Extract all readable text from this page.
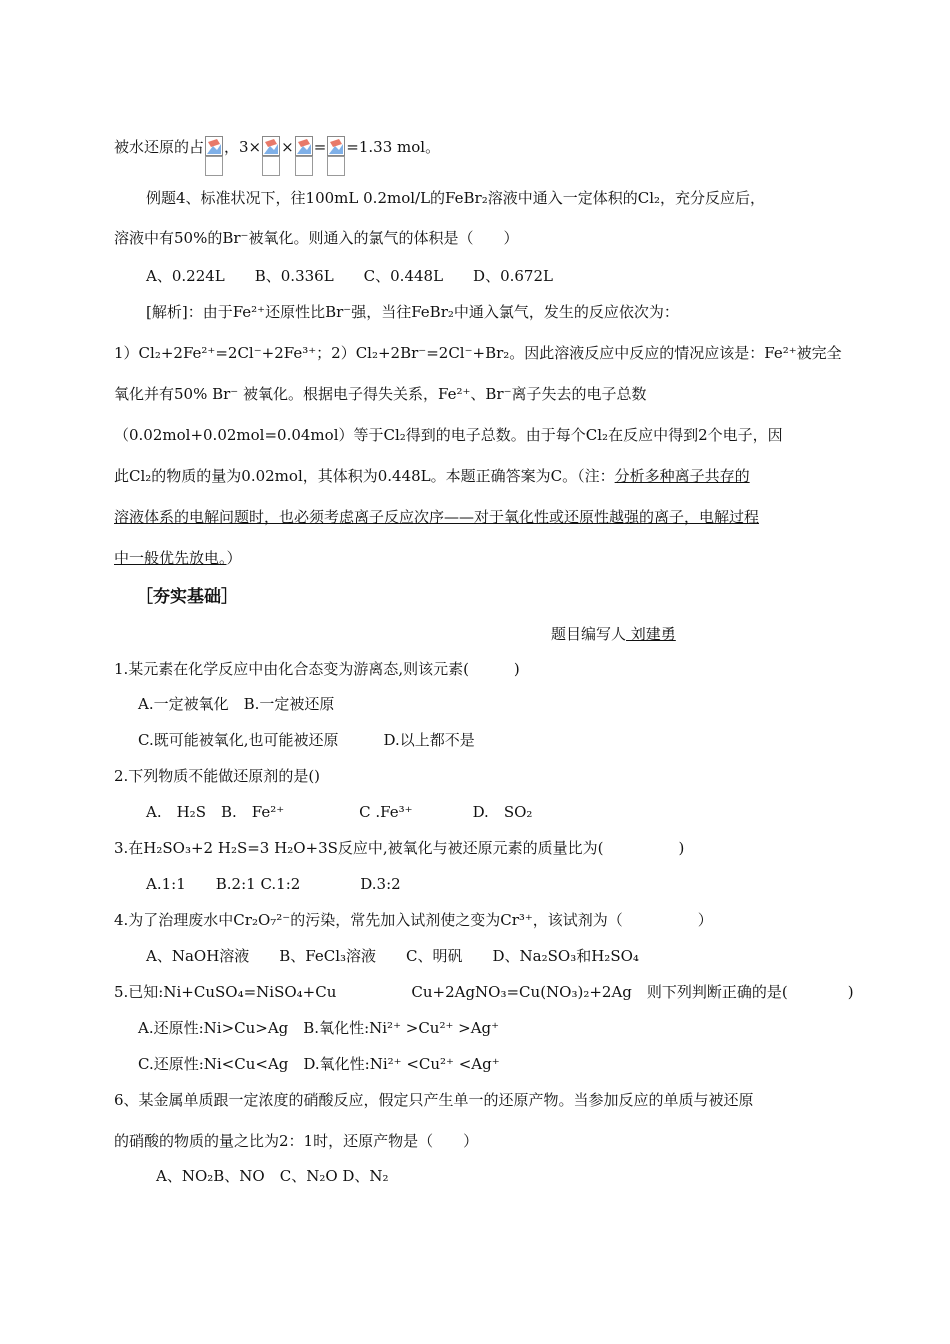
被水还原的占 ，3× × = =1.33 mol。
例题4、标准状况下，往100mL 0.2mol/L的FeBr₂溶液中通入一定体积的Cl₂，充分反应后，
溶液中有50%的Br⁻被氧化。则通入的氯气的体积是（　　）
A、0.224L　　B、0.336L　　C、0.448L　　D、0.672L
[解析]：由于Fe²⁺还原性比Br⁻强，当往FeBr₂中通入氯气，发生的反应依次为：
1）Cl₂+2Fe²⁺=2Cl⁻+2Fe³⁺；2）Cl₂+2Br⁻=2Cl⁻+Br₂。因此溶液反应中反应的情况应该是：Fe²⁺被完全
氧化并有50% Br⁻ 被氧化。根据电子得失关系，Fe²⁺、Br⁻离子失去的电子总数
（0.02mol+0.02mol=0.04mol）等于Cl₂得到的电子总数。由于每个Cl₂在反应中得到2个电子，因
此Cl₂的物质的量为0.02mol，其体积为0.448L。本题正确答案为C。（注：分析多种离子共存的
溶液体系的电解问题时，也必须考虑离子反应次序——对于氧化性或还原性越强的离子，电解过程
中一般优先放电。）
［夯实基础］
题目编写人 刘建勇
1.某元素在化学反应中由化合态变为游离态,则该元素(　　　)
A.一定被氧化　B.一定被还原
C.既可能被氧化,也可能被还原　　　D.以上都不是
2.下列物质不能做还原剂的是()
A.　H₂S　B.　Fe²⁺　　　　　C .Fe³⁺　　　　D.　SO₂
3.在H₂SO₃+2 H₂S=3 H₂O+3S反应中,被氧化与被还原元素的质量比为(　　　　　)
A.1:1　　B.2:1 C.1:2　　　　D.3:2
4.为了治理废水中Cr₂O₇²⁻的污染，常先加入试剂使之变为Cr³⁺，该试剂为（　　　　　）
A、NaOH溶液　　B、FeCl₃溶液　　C、明矾　　D、Na₂SO₃和H₂SO₄
5.已知:Ni+CuSO₄=NiSO₄+Cu　　　　　Cu+2AgNO₃=Cu(NO₃)₂+2Ag　则下列判断正确的是(　　　　)
A.还原性:Ni>Cu>Ag　B.氧化性:Ni²⁺ >Cu²⁺ >Ag⁺
C.还原性:Ni<Cu<Ag　D.氧化性:Ni²⁺ <Cu²⁺ <Ag⁺
6、某金属单质跟一定浓度的硝酸反应，假定只产生单一的还原产物。当参加反应的单质与被还原
的硝酸的物质的量之比为2：1时，还原产物是（　　）
A、NO₂B、NO　C、N₂O D、N₂
